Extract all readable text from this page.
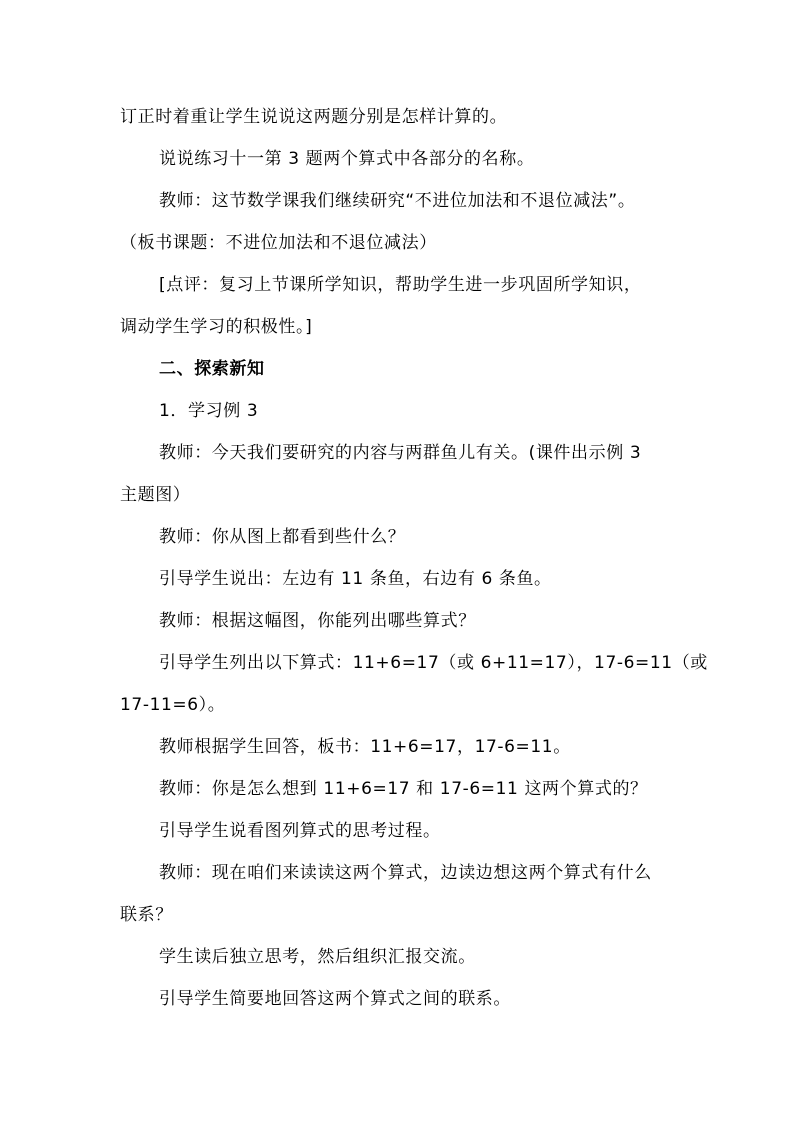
订正时着重让学生说说这两题分别是怎样计算的。
说说练习十一第 3 题两个算式中各部分的名称。
教师：这节数学课我们继续研究“不进位加法和不退位减法”。
（板书课题：不进位加法和不退位减法）
[点评：复习上节课所学知识，帮助学生进一步巩固所学知识，
调动学生学习的积极性。]
二、探索新知
1．学习例 3
教师：今天我们要研究的内容与两群鱼儿有关。(课件出示例 3
主题图）
教师：你从图上都看到些什么？
引导学生说出：左边有 11 条鱼，右边有 6 条鱼。
教师：根据这幅图，你能列出哪些算式？
引导学生列出以下算式：11+6=17（或 6+11=17），17-6=11（或
17-11=6）。
教师根据学生回答，板书：11+6=17，17-6=11。
教师：你是怎么想到 11+6=17 和 17-6=11 这两个算式的？
引导学生说看图列算式的思考过程。
教师：现在咱们来读读这两个算式，边读边想这两个算式有什么
联系？
学生读后独立思考，然后组织汇报交流。
引导学生简要地回答这两个算式之间的联系。
